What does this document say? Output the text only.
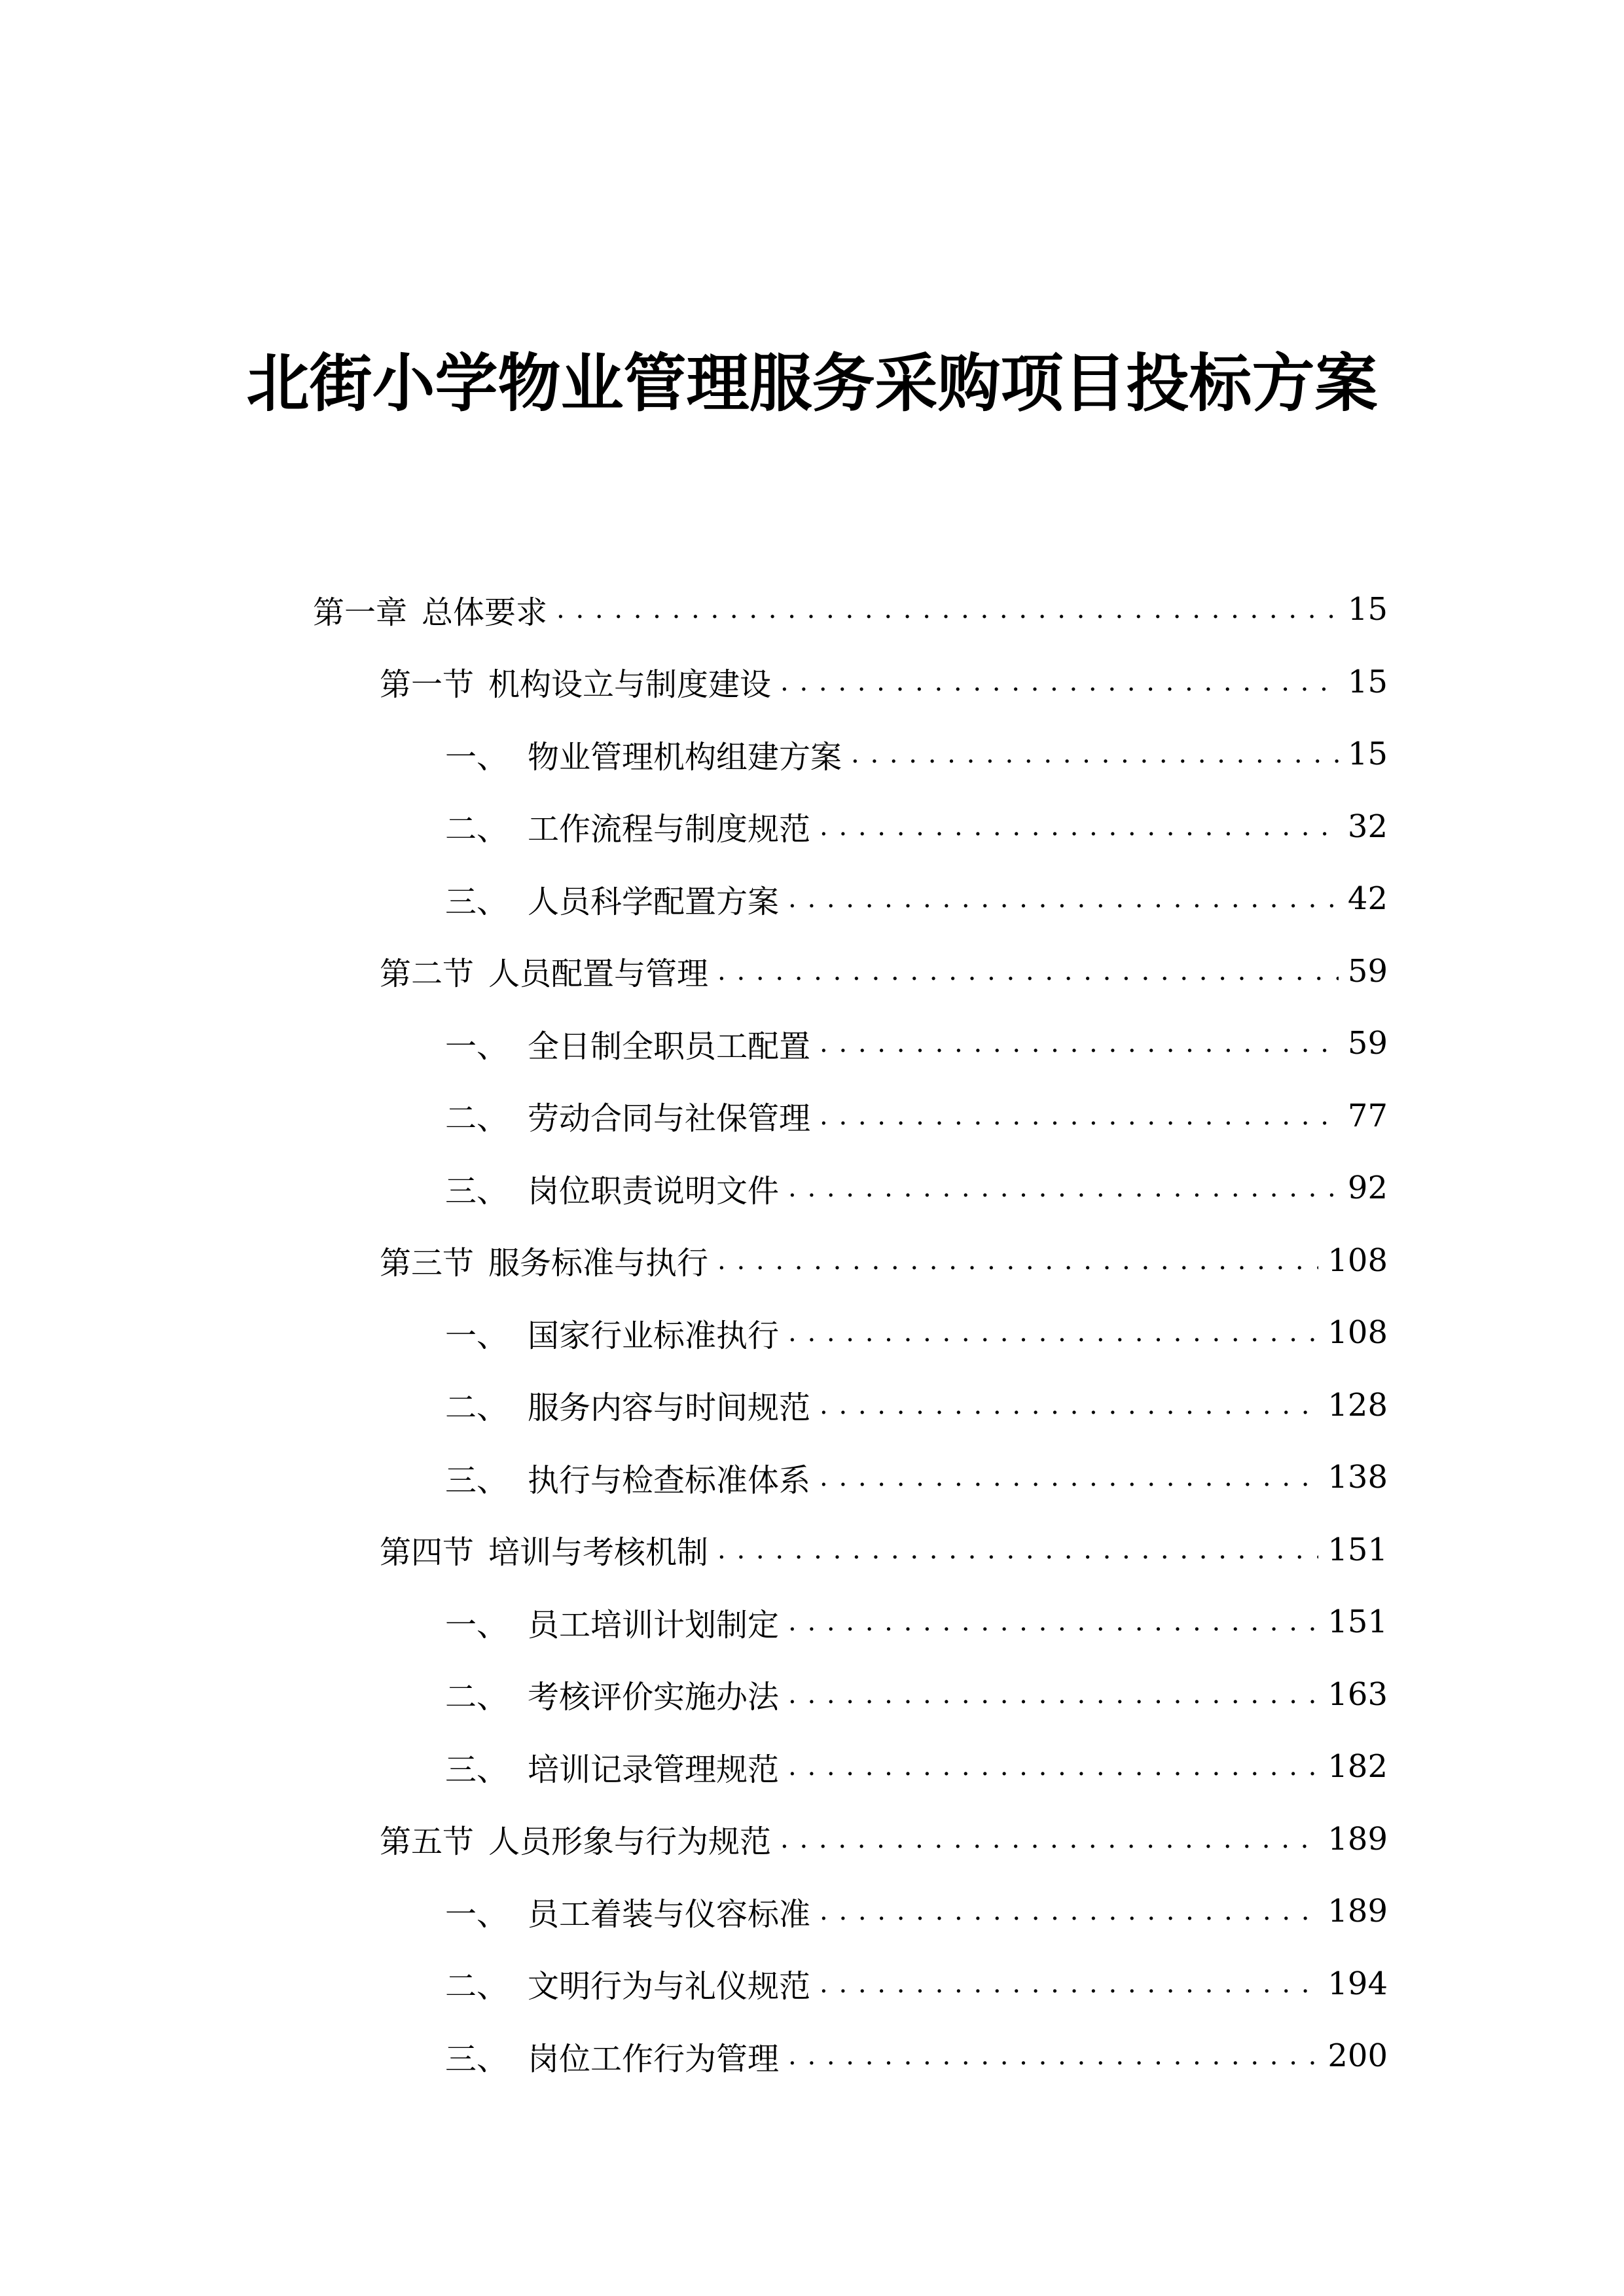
北街小学物业管理服务采购项目投标方案
第一章 总体要求 . . .	15
第一节 机构设立与制度建设 . . .	15
一、 物业管理机构组建方案 . . .	15
二、 工作流程与制度规范 . . .	32
三、 人员科学配置方案 . . .	42
第二节 人员配置与管理 . . .	59
一、 全日制全职员工配置 . . .	59
二、 劳动合同与社保管理 . . .	77
三、 岗位职责说明文件 . . .	92
第三节 服务标准与执行 . . .	108
一、 国家行业标准执行 . . .	108
二、 服务内容与时间规范 . . .	128
三、 执行与检查标准体系 . . .	138
第四节 培训与考核机制 . . .	151
一、 员工培训计划制定 . . .	151
二、 考核评价实施办法 . . .	163
三、 培训记录管理规范 . . .	182
第五节 人员形象与行为规范 . . .	189
一、 员工着装与仪容标准 . . .	189
二、 文明行为与礼仪规范 . . .	194
三、 岗位工作行为管理 . . .	200
